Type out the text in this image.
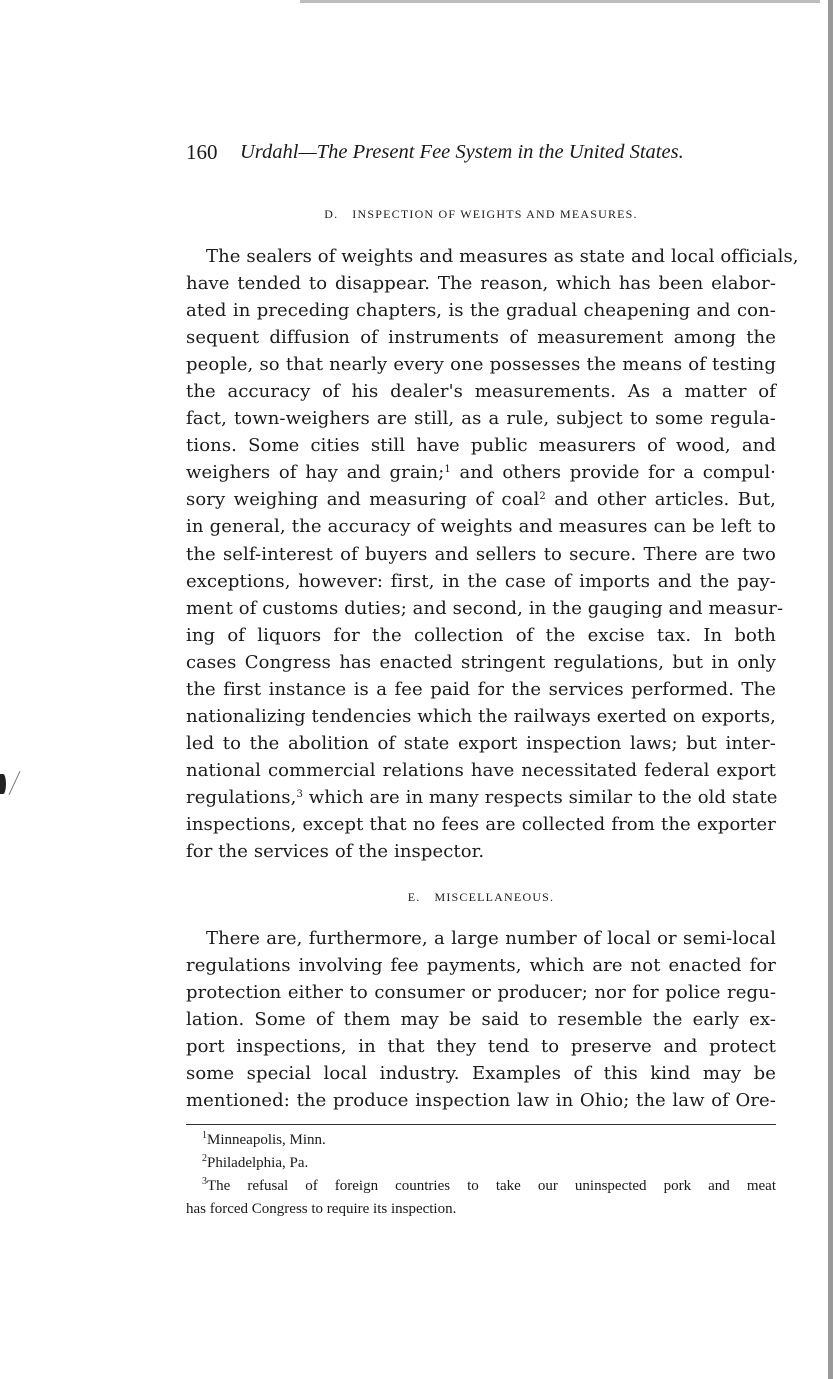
160 Urdahl—The Present Fee System in the United States.
D. INSPECTION OF WEIGHTS AND MEASURES.
The sealers of weights and measures as state and local officials,
have tended to disappear. The reason, which has been elabor-
ated in preceding chapters, is the gradual cheapening and con-
sequent diffusion of instruments of measurement among the
people, so that nearly every one possesses the means of testing
the accuracy of his dealer's measurements. As a matter of
fact, town-weighers are still, as a rule, subject to some regula-
tions. Some cities still have public measurers of wood, and
weighers of hay and grain;$^1$ and others provide for a compul·
sory weighing and measuring of coal$^2$ and other articles. But,
in general, the accuracy of weights and measures can be left to
the self-interest of buyers and sellers to secure. There are two
exceptions, however: first, in the case of imports and the pay-
ment of customs duties; and second, in the gauging and measur-
ing of liquors for the collection of the excise tax. In both
cases Congress has enacted stringent regulations, but in only
the first instance is a fee paid for the services performed. The
nationalizing tendencies which the railways exerted on exports,
led to the abolition of state export inspection laws; but inter-
national commercial relations have necessitated federal export
regulations,$^3$ which are in many respects similar to the old state
inspections, except that no fees are collected from the exporter
for the services of the inspector.
E. MISCELLANEOUS.
There are, furthermore, a large number of local or semi-local
regulations involving fee payments, which are not enacted for
protection either to consumer or producer; nor for police regu-
lation. Some of them may be said to resemble the early ex-
port inspections, in that they tend to preserve and protect
some special local industry. Examples of this kind may be
mentioned: the produce inspection law in Ohio; the law of Ore-
$^1$Minneapolis, Minn.
$^2$Philadelphia, Pa.
$^3$The refusal of foreign countries to take our uninspected pork and meat
has forced Congress to require its inspection.
